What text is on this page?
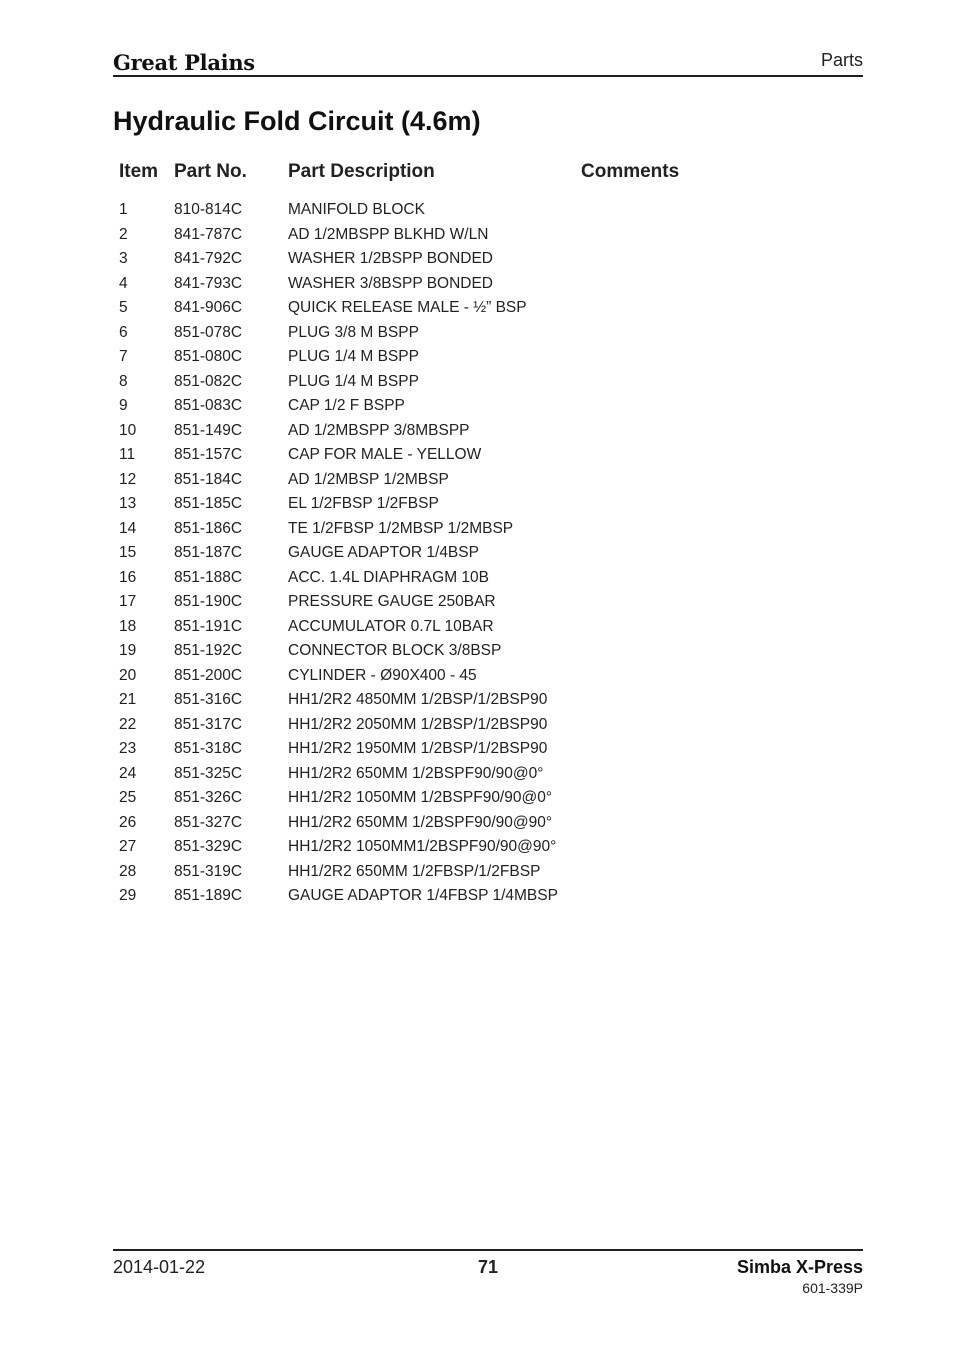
Great Plains	Parts
Hydraulic Fold Circuit (4.6m)
Item Part No. Part Description	Comments
1	810-814C	MANIFOLD BLOCK
2	841-787C	AD 1/2MBSPP BLKHD W/LN
3	841-792C	WASHER 1/2BSPP BONDED
4	841-793C	WASHER 3/8BSPP BONDED
5	841-906C	QUICK RELEASE MALE - ½” BSP
6	851-078C	PLUG 3/8 M BSPP
7	851-080C	PLUG 1/4 M BSPP
8	851-082C	PLUG 1/4 M BSPP
9	851-083C	CAP 1/2 F BSPP
10 851-149C	AD 1/2MBSPP 3/8MBSPP
11	851-157C	CAP FOR MALE - YELLOW
12 851-184C	AD 1/2MBSP 1/2MBSP
13 851-185C	EL 1/2FBSP 1/2FBSP
14 851-186C	TE 1/2FBSP 1/2MBSP 1/2MBSP
15 851-187C	GAUGE ADAPTOR 1/4BSP
16 851-188C	ACC. 1.4L DIAPHRAGM 10B
17 851-190C	PRESSURE GAUGE 250BAR
18 851-191C	ACCUMULATOR 0.7L 10BAR
19 851-192C	CONNECTOR BLOCK 3/8BSP
20 851-200C	CYLINDER - Ø90X400 - 45
21 851-316C	HH1/2R2 4850MM 1/2BSP/1/2BSP90
22 851-317C	HH1/2R2 2050MM 1/2BSP/1/2BSP90
23 851-318C	HH1/2R2 1950MM 1/2BSP/1/2BSP90
24 851-325C	HH1/2R2 650MM 1/2BSPF90/90@0°
25 851-326C	HH1/2R2 1050MM 1/2BSPF90/90@0°
26 851-327C	HH1/2R2 650MM 1/2BSPF90/90@90°
27 851-329C	HH1/2R2 1050MM1/2BSPF90/90@90°
28 851-319C	HH1/2R2 650MM 1/2FBSP/1/2FBSP
29 851-189C	GAUGE ADAPTOR 1/4FBSP 1/4MBSP
2014-01-22	71	Simba X-Press
601-339P
